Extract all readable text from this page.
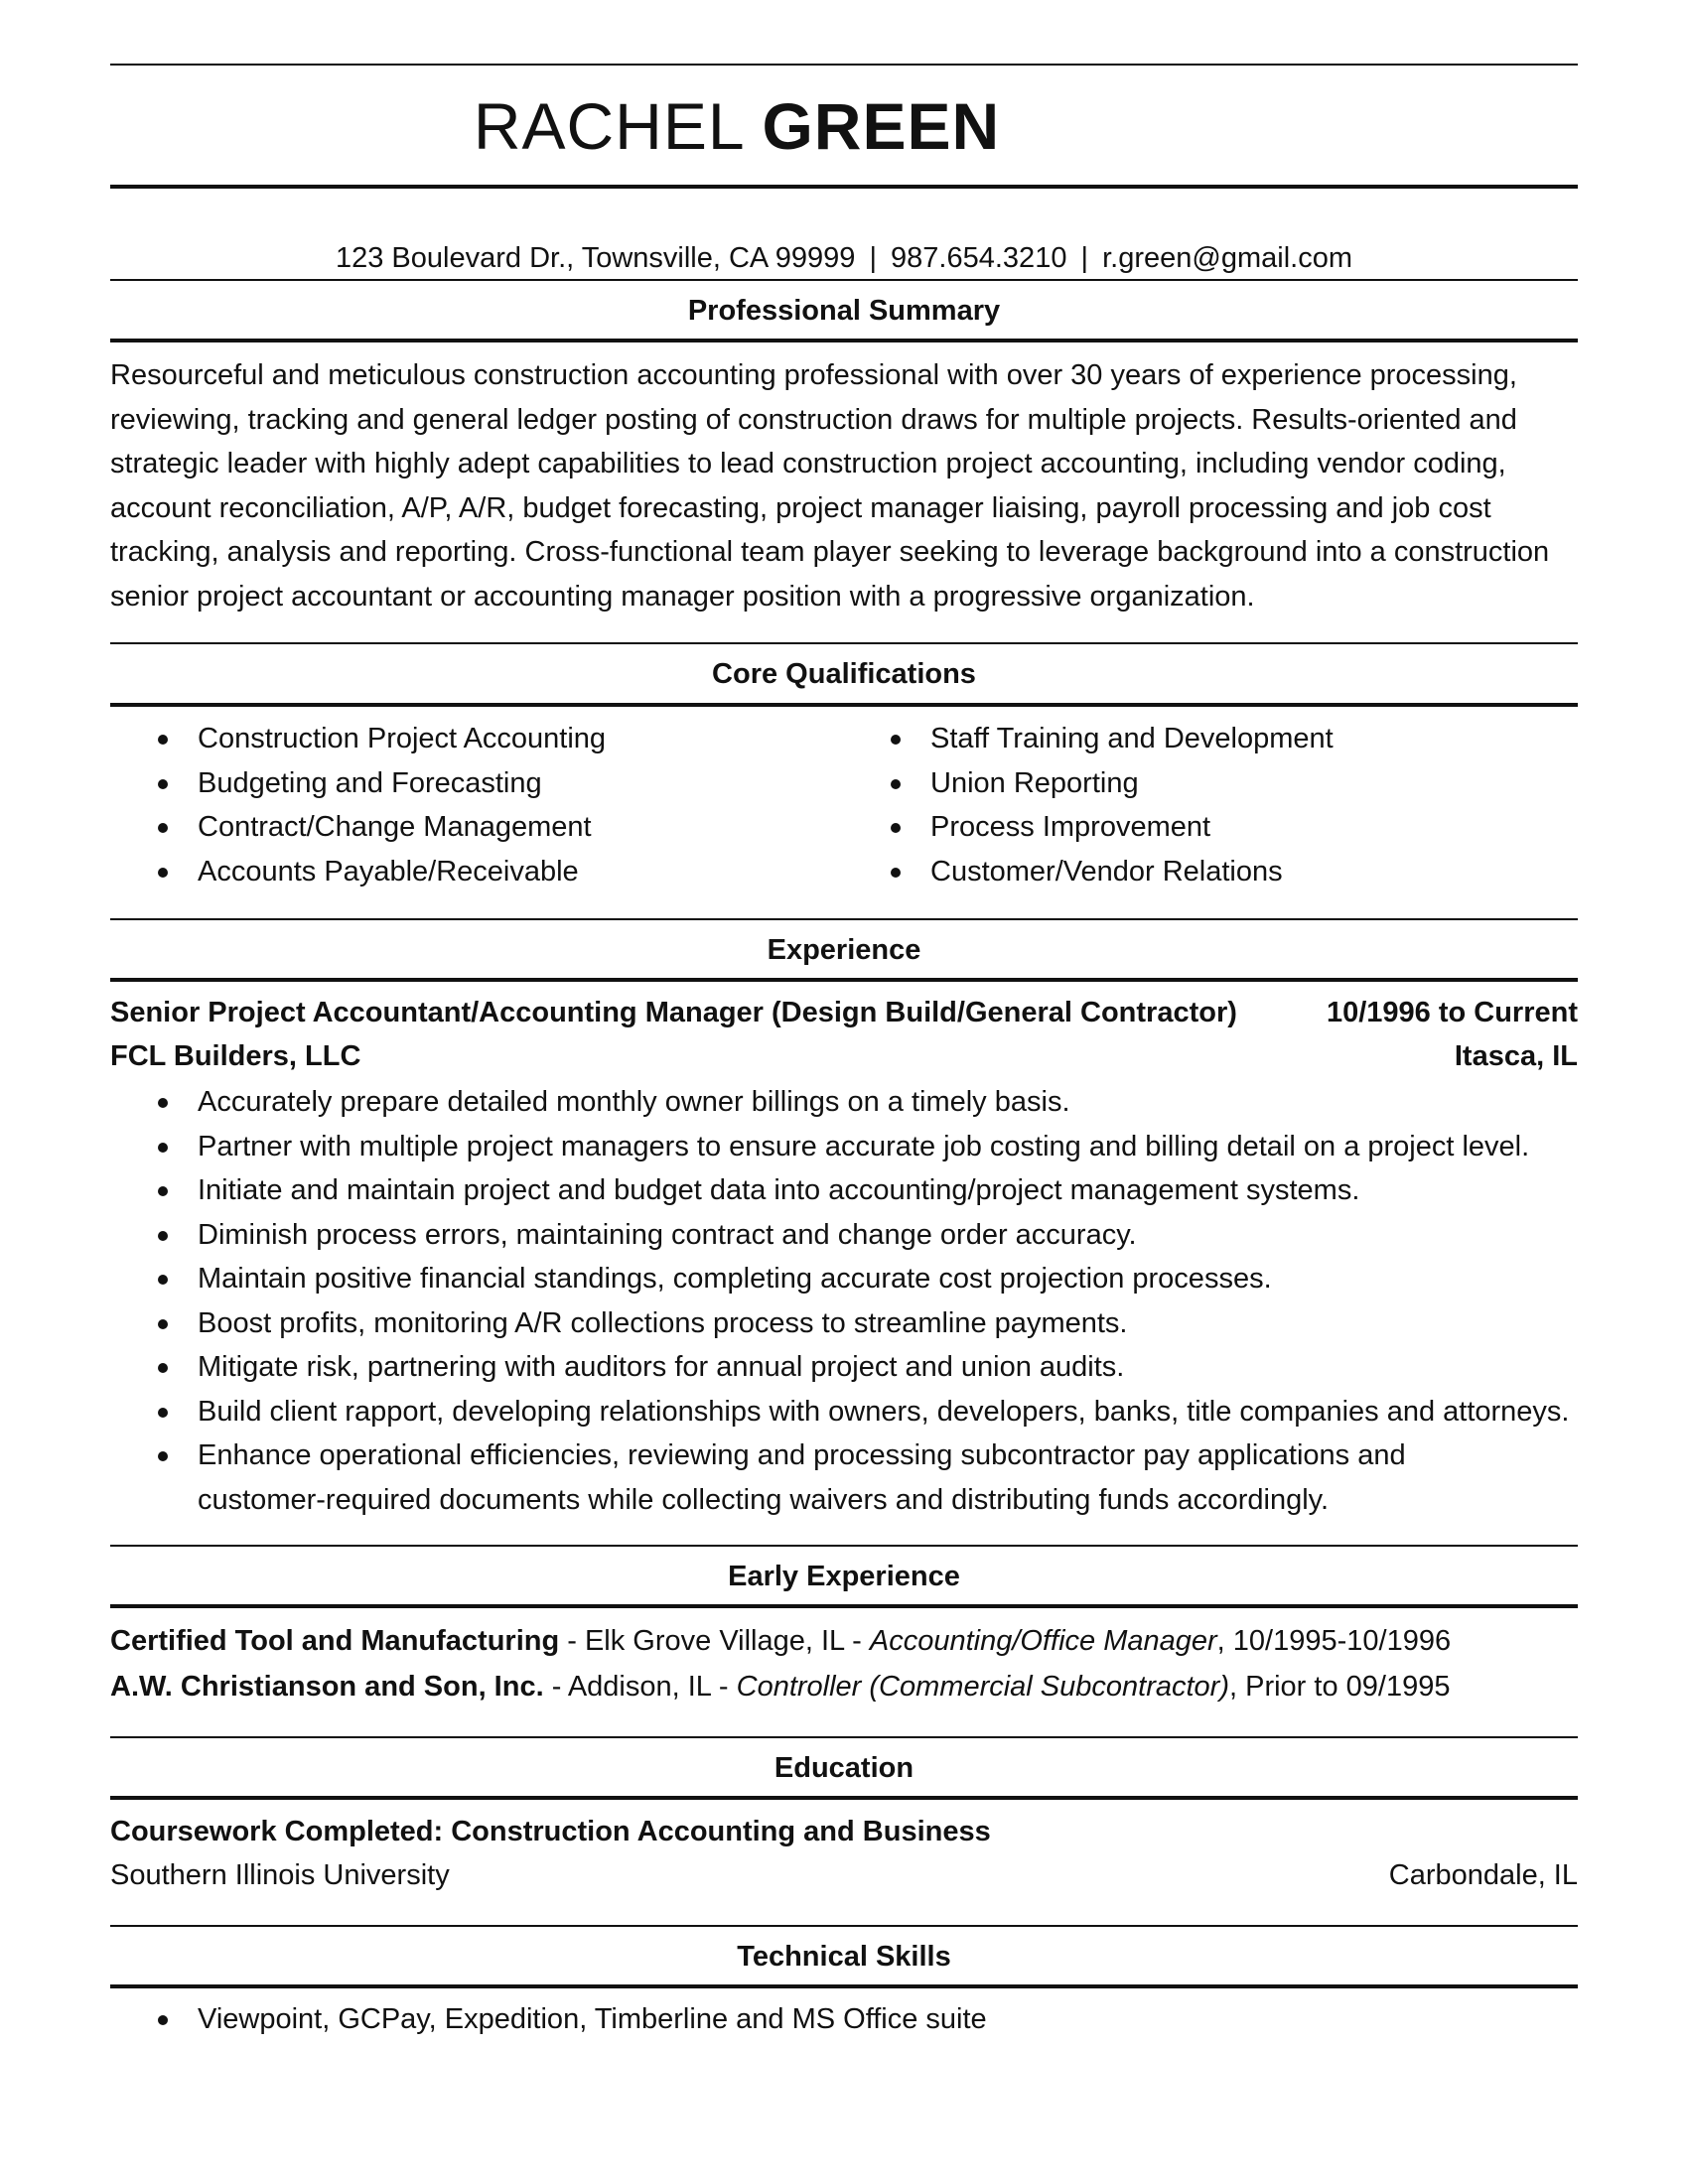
RACHEL GREEN
123 Boulevard Dr., Townsville, CA 99999 | 987.654.3210 | r.green@gmail.com
Professional Summary

Resourceful and meticulous construction accounting professional with over 30 years of experience processing, reviewing, tracking and general ledger posting of construction draws for multiple projects. Results-oriented and strategic leader with highly adept capabilities to lead construction project accounting, including vendor coding, account reconciliation, A/P, A/R, budget forecasting, project manager liaising, payroll processing and job cost tracking, analysis and reporting. Cross-functional team player seeking to leverage background into a construction senior project accountant or accounting manager position with a progressive organization.

Core Qualifications
Construction Project Accounting
Budgeting and Forecasting
Contract/Change Management
Accounts Payable/Receivable
Staff Training and Development
Union Reporting
Process Improvement
Customer/Vendor Relations
Experience
Senior Project Accountant/Accounting Manager (Design Build/General Contractor)	10/1996 to Current
FCL Builders, LLC	Itasca, IL
Accurately prepare detailed monthly owner billings on a timely basis.
Partner with multiple project managers to ensure accurate job costing and billing detail on a project level.
Initiate and maintain project and budget data into accounting/project management systems.
Diminish process errors, maintaining contract and change order accuracy.
Maintain positive financial standings, completing accurate cost projection processes.
Boost profits, monitoring A/R collections process to streamline payments.
Mitigate risk, partnering with auditors for annual project and union audits.
Build client rapport, developing relationships with owners, developers, banks, title companies and attorneys.
Enhance operational efficiencies, reviewing and processing subcontractor pay applications and customer-required documents while collecting waivers and distributing funds accordingly.
Early Experience
Certified Tool and Manufacturing - Elk Grove Village, IL - Accounting/Office Manager, 10/1995-10/1996
A.W. Christianson and Son, Inc. - Addison, IL - Controller (Commercial Subcontractor), Prior to 09/1995
Education
Coursework Completed: Construction Accounting and Business
Southern Illinois University	Carbondale, IL
Technical Skills
Viewpoint, GCPay, Expedition, Timberline and MS Office suite
